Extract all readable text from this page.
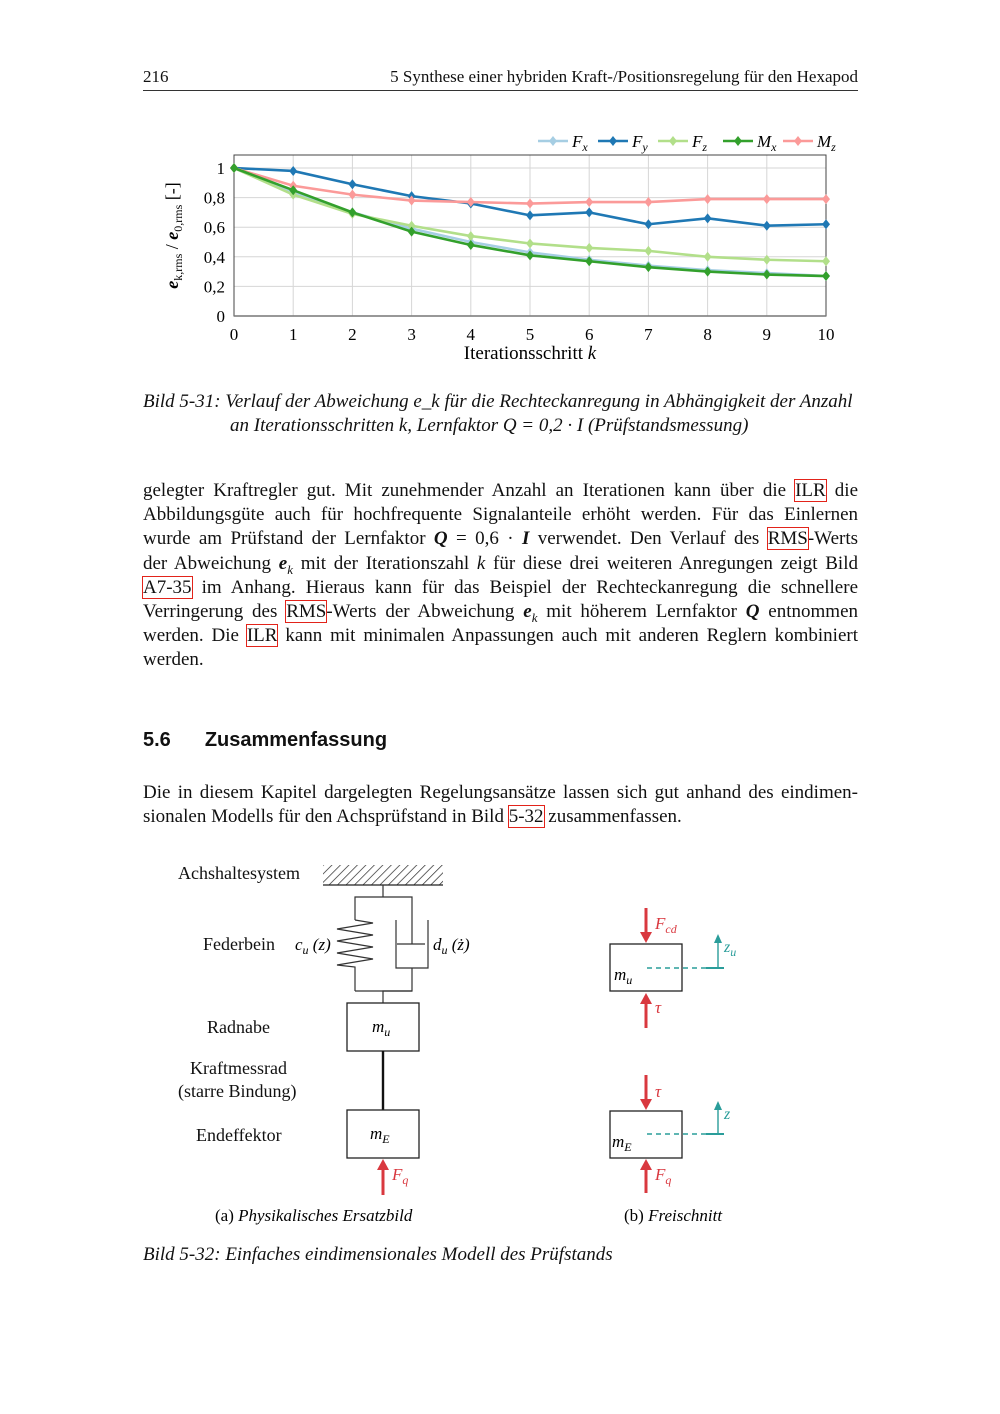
216	5 Synthese einer hybriden Kraft-/Positionsregelung für den Hexapod
0	1	2	3	4	5	6	7	8	9	10
0
0,2
0,4
0,6
0,8
1
$F_x$	$F_y$	$F_z$	$M_x$ $M_z$
Iterationsschritt k
$e_{k,rms} / e_{0,rms}$ [-]
Bild 5-31: Verlauf der Abweichung e_k für die Rechteckanregung in Abhängigkeit der Anzahl
an Iterationsschritten k, Lernfaktor Q = 0,2 · I (Prüfstandsmessung)
gelegter Kraftregler gut. Mit zunehmender Anzahl an Iterationen kann über die ILR die
Abbildungsgüte auch für hochfrequente Signalanteile erhöht werden. Für das Einlernen
wurde am Prüfstand der Lernfaktor Q = 0,6 · I verwendet. Den Verlauf des RMS-Werts
der Abweichung $e_k$ mit der Iterationszahl k für diese drei weiteren Anregungen zeigt Bild
A7-35 im Anhang. Hieraus kann für das Beispiel der Rechteckanregung die schnellere
Verringerung des RMS-Werts der Abweichung $e_k$ mit höherem Lernfaktor Q entnommen
werden. Die ILR kann mit minimalen Anpassungen auch mit anderen Reglern kombiniert
werden.
5.6 Zusammenfassung
Die in diesem Kapitel dargelegten Regelungsansätze lassen sich gut anhand des eindimen-
sionalen Modells für den Achsprüfstand in Bild 5-32 zusammenfassen.
Achshaltesystem
Federbein
Radnabe
Kraftmessrad
(starre Bindung)
Endeffektor
$c_u$ (z)	$d_u$ (ż)
$m_u$
$m_E$
$F_q$
$F_{cd}$
τ
τ
$F_q$
$m_u$
$m_E$
$z_u$
z
(a) Physikalisches Ersatzbild	(b) Freischnitt
Bild 5-32: Einfaches eindimensionales Modell des Prüfstands
